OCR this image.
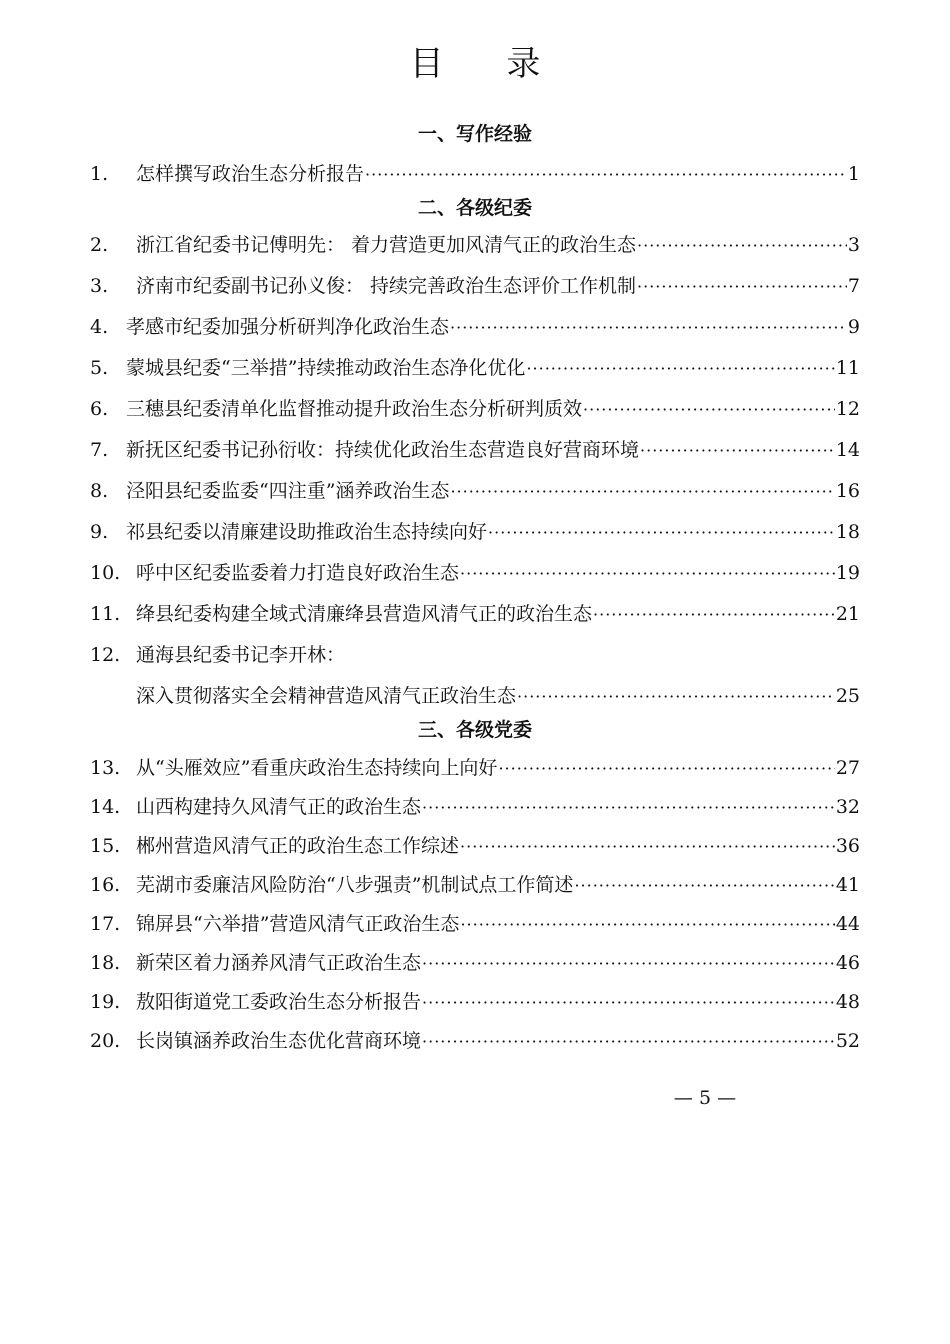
目 录
一、写作经验
1.	怎样撰写政治生态分析报告 ·····	1
二、各级纪委
2.	浙江省纪委书记傅明先： 着力营造更加风清气正的政治生态 ·····	3
3.	济南市纪委副书记孙义俊： 持续完善政治生态评价工作机制 ·····	7
4. 孝感市纪委加强分析研判净化政治生态 ·····	9
5. 蒙城县纪委“三举措”持续推动政治生态净化优化 ·····	11
6. 三穗县纪委清单化监督推动提升政治生态分析研判质效 ·····	12
7. 新抚区纪委书记孙衍收：持续优化政治生态营造良好营商环境 ·····	14
8. 泾阳县纪委监委“四注重”涵养政治生态 ·····	16
9. 祁县纪委以清廉建设助推政治生态持续向好 ·····	18
10. 呼中区纪委监委着力打造良好政治生态 ·····	19
11. 绛县纪委构建全域式清廉绛县营造风清气正的政治生态 ·····	21
12. 通海县纪委书记李开林：
深入贯彻落实全会精神营造风清气正政治生态 ·····	25
三、各级党委
13. 从“头雁效应”看重庆政治生态持续向上向好 ·····	27
14. 山西构建持久风清气正的政治生态 ·····	32
15. 郴州营造风清气正的政治生态工作综述 ·····	36
16. 芜湖市委廉洁风险防治“八步强责”机制试点工作简述 ·····	41
17. 锦屏县“六举措”营造风清气正政治生态 ·····	44
18. 新荣区着力涵养风清气正政治生态 ·····	46
19. 敖阳街道党工委政治生态分析报告 ·····	48
20. 长岗镇涵养政治生态优化营商环境 ·····	52
— 5 —
